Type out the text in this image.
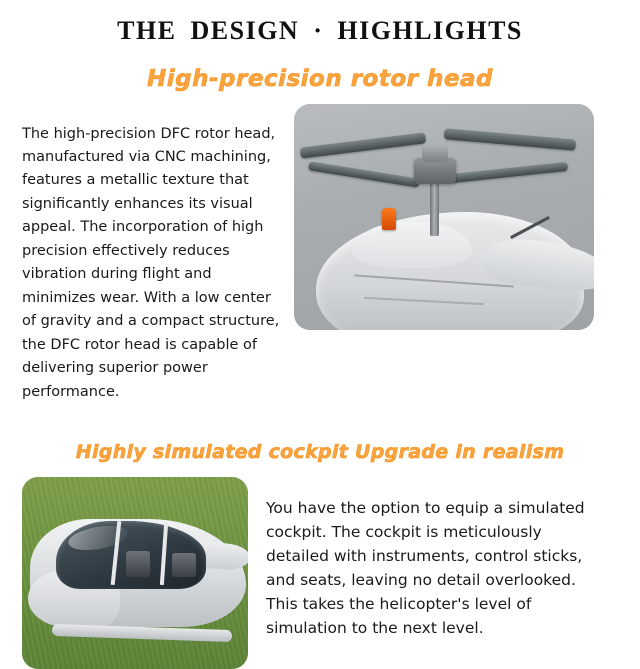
THE DESIGN · HIGHLIGHTS
High-precision rotor head

The high-precision DFC rotor head, manufactured via CNC machining, features a metallic texture that significantly enhances its visual appeal. The incorporation of high precision effectively reduces vibration during flight and minimizes wear. With a low center of gravity and a compact structure, the DFC rotor head is capable of delivering superior power performance.

Highly simulated cockpit Upgrade in realism

You have the option to equip a simulated cockpit. The cockpit is meticulously detailed with instruments, control sticks, and seats, leaving no detail overlooked. This takes the helicopter's level of simulation to the next level.
